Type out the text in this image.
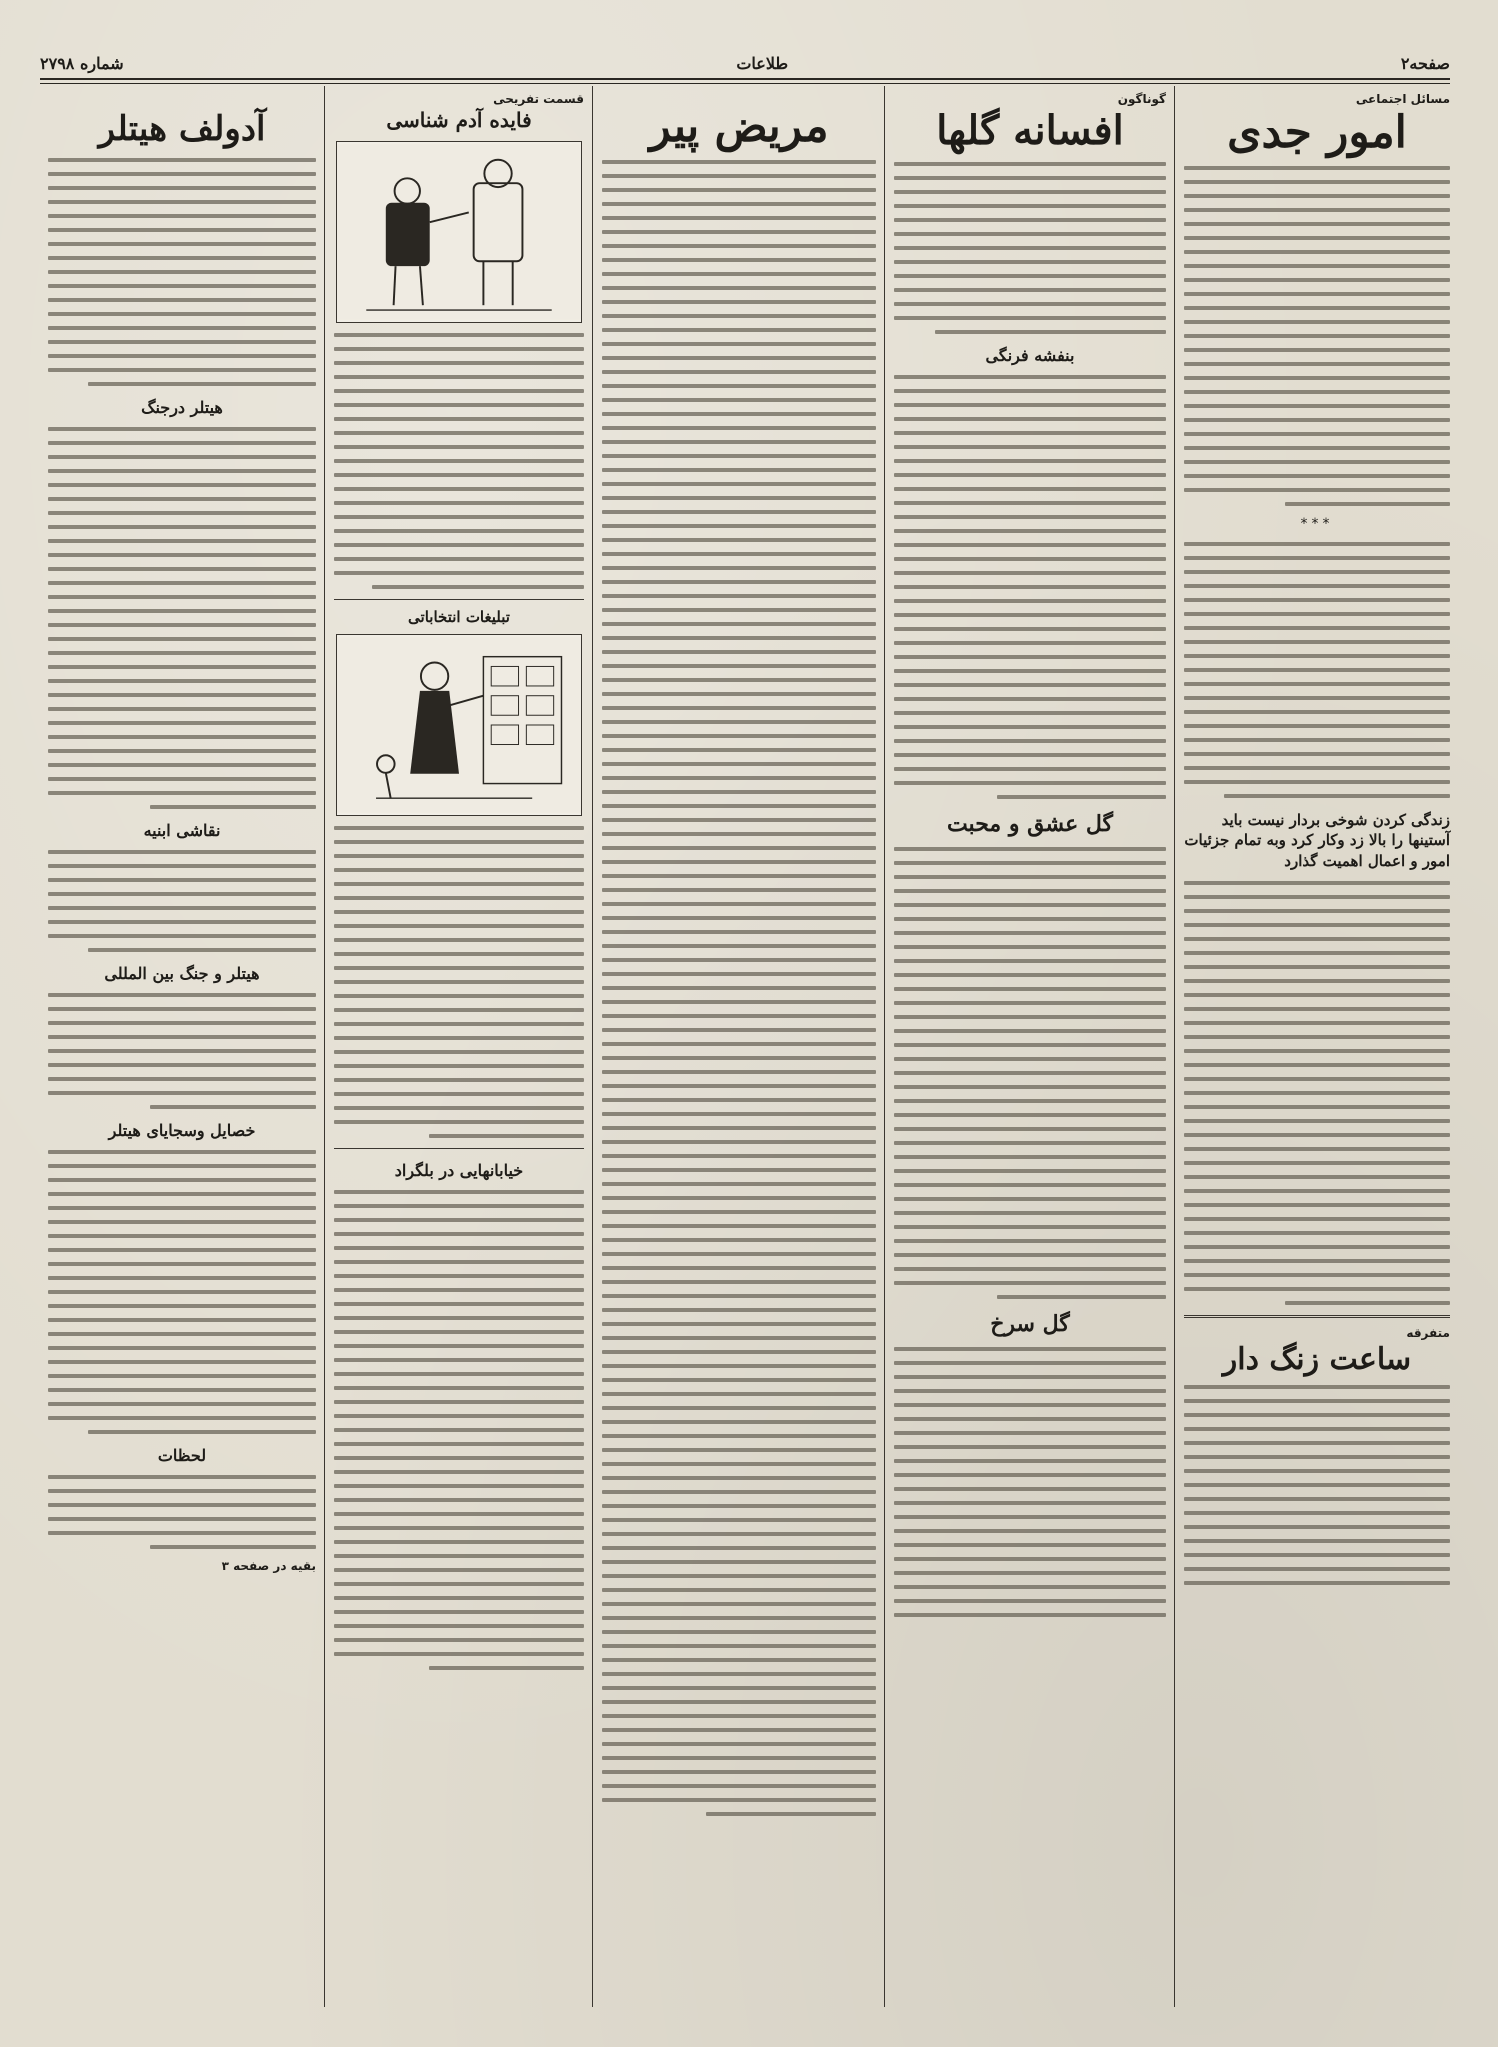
صفحه۲
طلاعات
شماره ۲۷۹۸
مسائل اجتماعی
امور جدی
***
زندگی کردن شوخی بردار نیست باید آستینها را بالا زد وکار کرد وبه تمام جزئیات امور و اعمال اهمیت گذارد
متفرقه
ساعت زنگ دار
گوناگون
افسانه گلها
بنفشه فرنگی
گل عشق و محبت
گل سرخ
مریض پیر
قسمت تفریحی
فایده آدم شناسی
تبلیغات انتخاباتی
خیابانهایی در بلگراد
آدولف هیتلر
هیتلر درجنگ
نقاشی ابنیه
هیتلر و جنگ بین المللی
خصایل وسجایای هیتلر
لحظات
بقیه در صفحه ۳
